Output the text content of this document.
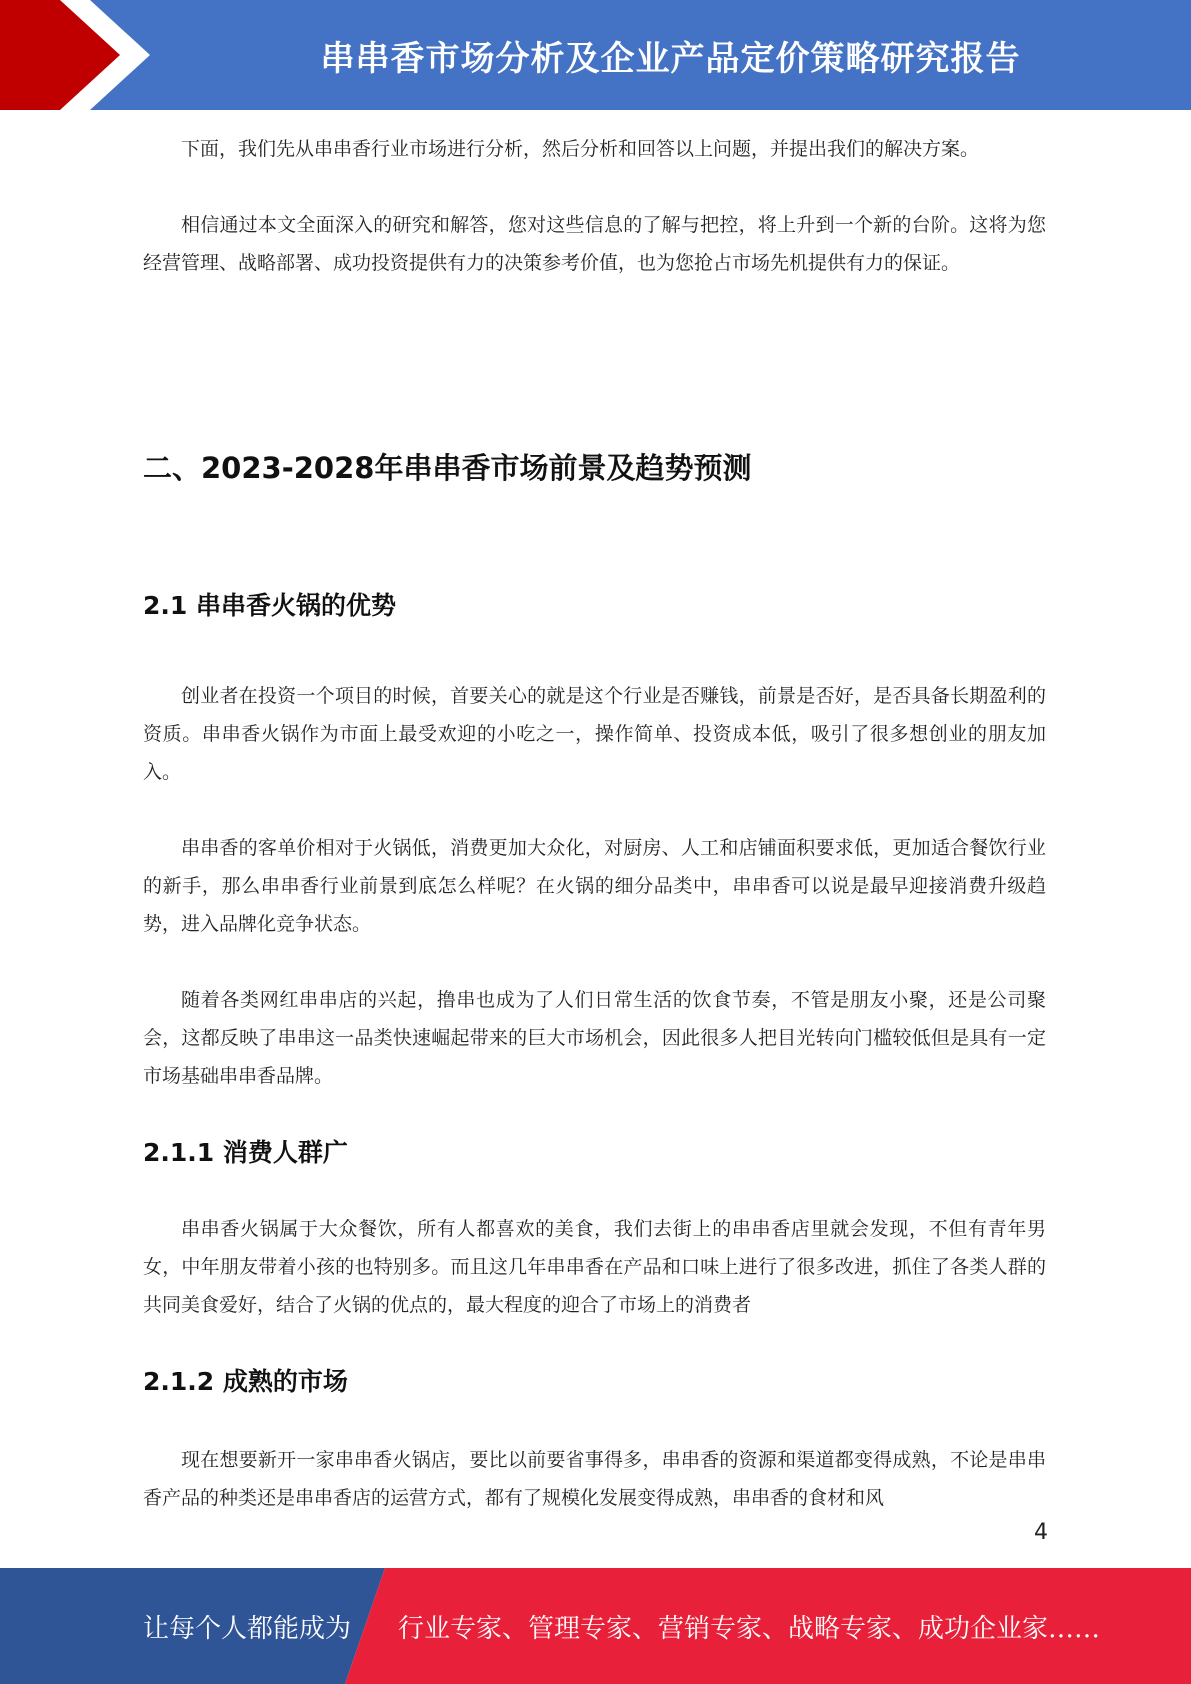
串串香市场分析及企业产品定价策略研究报告

下面，我们先从串串香行业市场进行分析，然后分析和回答以上问题，并提出我们的解决方案。

相信通过本文全面深入的研究和解答，您对这些信息的了解与把控，将上升到一个新的台阶。这将为您经营管理、战略部署、成功投资提供有力的决策参考价值，也为您抢占市场先机提供有力的保证。

二、2023-2028年串串香市场前景及趋势预测
2.1 串串香火锅的优势

创业者在投资一个项目的时候，首要关心的就是这个行业是否赚钱，前景是否好，是否具备长期盈利的资质。串串香火锅作为市面上最受欢迎的小吃之一，操作简单、投资成本低，吸引了很多想创业的朋友加入。

串串香的客单价相对于火锅低，消费更加大众化，对厨房、人工和店铺面积要求低，更加适合餐饮行业的新手，那么串串香行业前景到底怎么样呢？在火锅的细分品类中，串串香可以说是最早迎接消费升级趋势，进入品牌化竞争状态。

随着各类网红串串店的兴起，撸串也成为了人们日常生活的饮食节奏，不管是朋友小聚，还是公司聚会，这都反映了串串这一品类快速崛起带来的巨大市场机会，因此很多人把目光转向门槛较低但是具有一定市场基础串串香品牌。

2.1.1 消费人群广

串串香火锅属于大众餐饮，所有人都喜欢的美食，我们去街上的串串香店里就会发现，不但有青年男女，中年朋友带着小孩的也特别多。而且这几年串串香在产品和口味上进行了很多改进，抓住了各类人群的共同美食爱好，结合了火锅的优点的，最大程度的迎合了市场上的消费者

2.1.2 成熟的市场

现在想要新开一家串串香火锅店，要比以前要省事得多，串串香的资源和渠道都变得成熟，不论是串串香产品的种类还是串串香店的运营方式，都有了规模化发展变得成熟，串串香的食材和风

4
让每个人都能成为 行业专家、管理专家、营销专家、战略专家、成功企业家……
